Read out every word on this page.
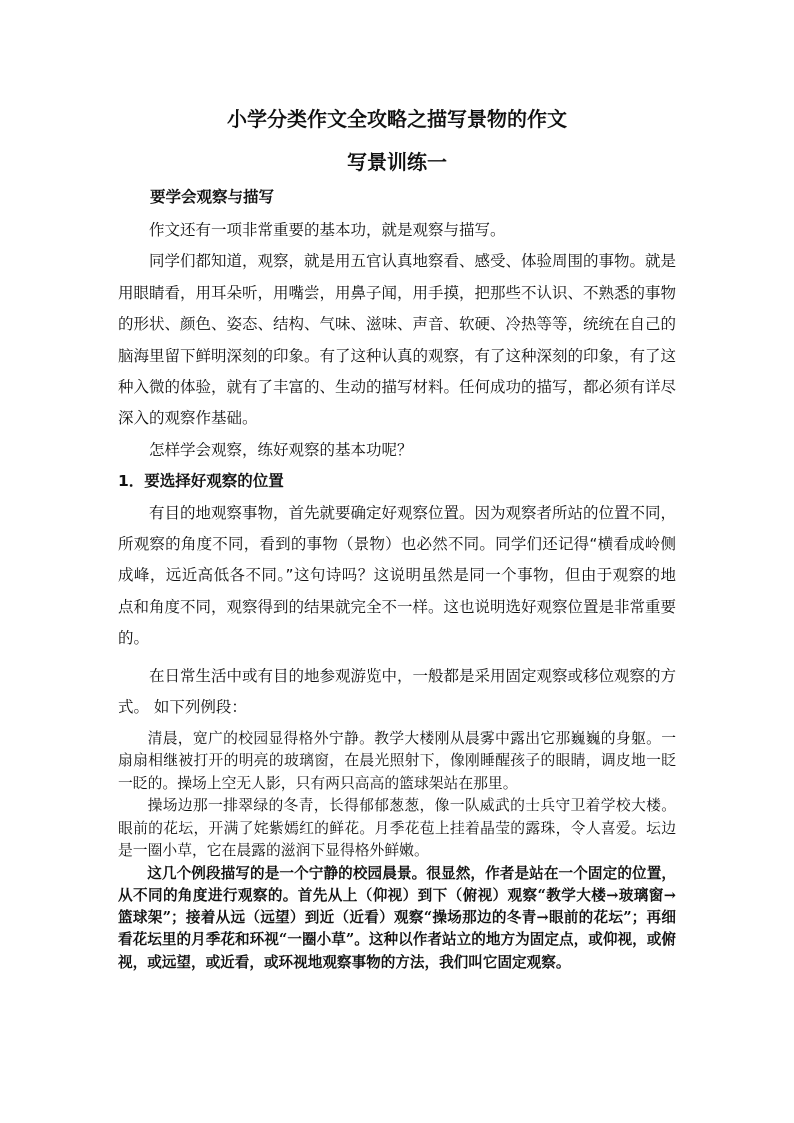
小学分类作文全攻略之描写景物的作文
写景训练一

要学会观察与描写

作文还有一项非常重要的基本功，就是观察与描写。

同学们都知道，观察，就是用五官认真地察看、感受、体验周围的事物。就是用眼睛看，用耳朵听，用嘴尝，用鼻子闻，用手摸，把那些不认识、不熟悉的事物的形状、颜色、姿态、结构、气味、滋味、声音、软硬、冷热等等，统统在自己的脑海里留下鲜明深刻的印象。有了这种认真的观察，有了这种深刻的印象，有了这种入微的体验，就有了丰富的、生动的描写材料。任何成功的描写，都必须有详尽深入的观察作基础。

怎样学会观察，练好观察的基本功呢？

1．要选择好观察的位置

有目的地观察事物，首先就要确定好观察位置。因为观察者所站的位置不同，所观察的角度不同，看到的事物（景物）也必然不同。同学们还记得“横看成岭侧成峰，远近高低各不同。”这句诗吗？这说明虽然是同一个事物，但由于观察的地点和角度不同，观察得到的结果就完全不一样。这也说明选好观察位置是非常重要的。

在日常生活中或有目的地参观游览中，一般都是采用固定观察或移位观察的方式。 如下列例段：

清晨，宽广的校园显得格外宁静。教学大楼刚从晨雾中露出它那巍巍的身躯。一扇扇相继被打开的明亮的玻璃窗，在晨光照射下，像刚睡醒孩子的眼睛，调皮地一眨一眨的。操场上空无人影，只有两只高高的篮球架站在那里。

操场边那一排翠绿的冬青，长得郁郁葱葱，像一队威武的士兵守卫着学校大楼。 眼前的花坛，开满了姹紫嫣红的鲜花。月季花苞上挂着晶莹的露珠，令人喜爱。坛边是一圈小草，它在晨露的滋润下显得格外鲜嫩。

这几个例段描写的是一个宁静的校园晨景。很显然，作者是站在一个固定的位置，从不同的角度进行观察的。首先从上（仰视）到下（俯视）观察“教学大楼→玻璃窗→篮球架”；接着从远（远望）到近（近看）观察“操场那边的冬青→眼前的花坛”；再细看花坛里的月季花和环视“一圈小草”。这种以作者站立的地方为固定点，或仰视，或俯视，或远望，或近看，或环视地观察事物的方法，我们叫它固定观察。
